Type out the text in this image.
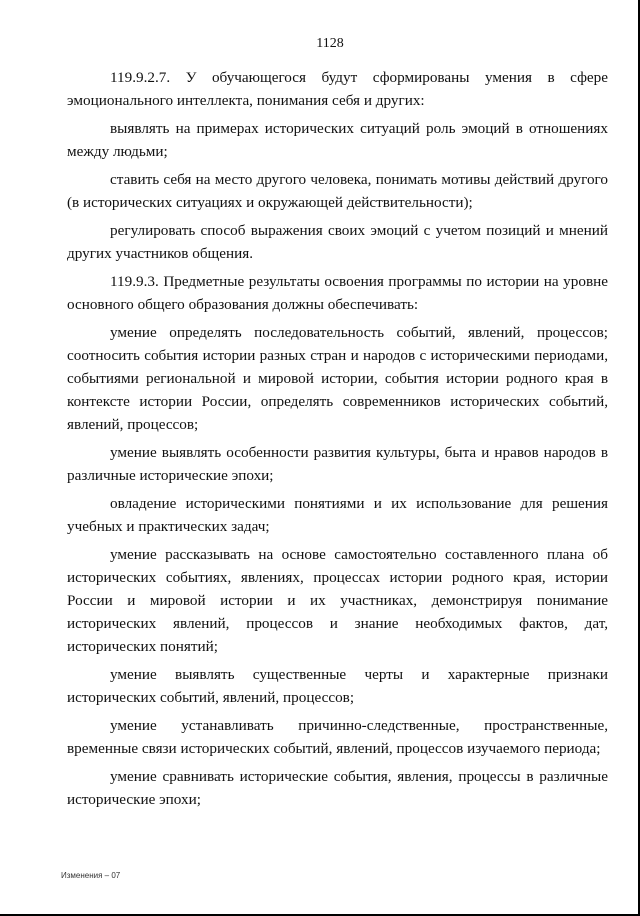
1128

119.9.2.7. У обучающегося будут сформированы умения в сфере эмоционального интеллекта, понимания себя и других:

выявлять на примерах исторических ситуаций роль эмоций в отношениях между людьми;

ставить себя на место другого человека, понимать мотивы действий другого (в исторических ситуациях и окружающей действительности);

регулировать способ выражения своих эмоций с учетом позиций и мнений других участников общения.

119.9.3. Предметные результаты освоения программы по истории на уровне основного общего образования должны обеспечивать:

умение определять последовательность событий, явлений, процессов; соотносить события истории разных стран и народов с историческими периодами, событиями региональной и мировой истории, события истории родного края в контексте истории России, определять современников исторических событий, явлений, процессов;

умение выявлять особенности развития культуры, быта и нравов народов в различные исторические эпохи;

овладение историческими понятиями и их использование для решения учебных и практических задач;

умение рассказывать на основе самостоятельно составленного плана об исторических событиях, явлениях, процессах истории родного края, истории России и мировой истории и их участниках, демонстрируя понимание исторических явлений, процессов и знание необходимых фактов, дат, исторических понятий;

умение выявлять существенные черты и характерные признаки исторических событий, явлений, процессов;

умение устанавливать причинно-следственные, пространственные, временные связи исторических событий, явлений, процессов изучаемого периода;

умение сравнивать исторические события, явления, процессы в различные исторические эпохи;

Изменения – 07
